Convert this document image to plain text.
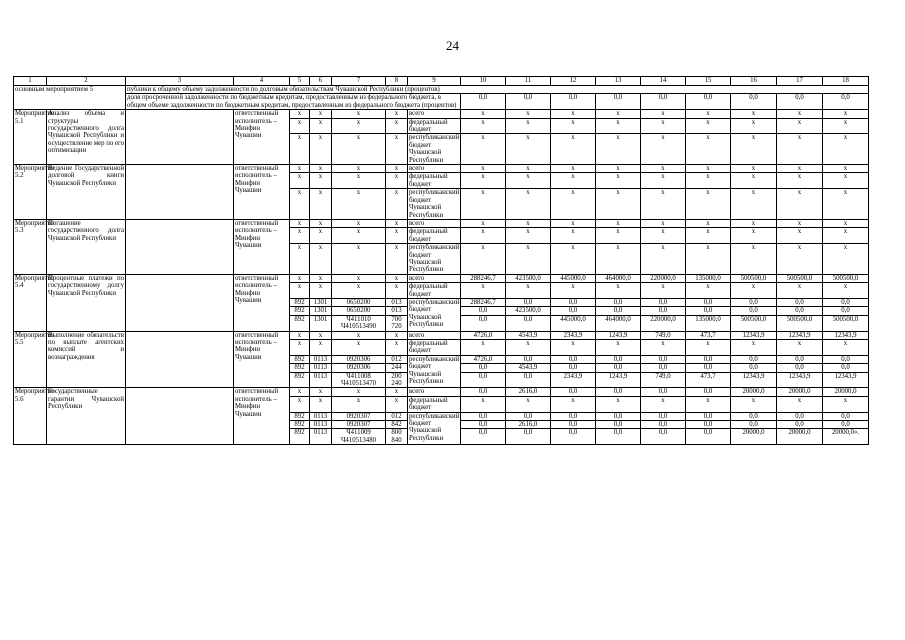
24
1	2	3	4	5	6	7	8	9	10	11	12	13	14	15	16	17	18
основным мероприятием 5		публики к общему объему задолженности по долговым обязательствам Чувашской Республики (процентов)															
		доля просроченной задолженности по бюджетным кредитам, предоставленным из федерального бюджета, в общем объеме задолженности по бюджетным кредитам, предоставленным из федерального бюджета (процентов)							0,0	0,0	0,0	0,0	0,0	0,0	0,0	0,0	0,0
Мероприятие 5.1	Анализ объема и структуры государственного долга Чувашской Республики и осуществление мер по его оптимизации		ответственный исполнитель – Минфин Чувашии	x	x	x	x	всего	x	x	x	x	x	x	x	x	x
				x	x	x	x	федеральный бюджет	x	x	x	x	x	x	x	x	x
				x	x	x	x	республиканский бюджет Чувашской Республики	x	x	x	x	x	x	x	x	x
Мероприятие 5.2	Ведение Государственной долговой книги Чувашской Республики		ответственный исполнитель – Минфин Чувашии	x	x	x	x	всего	x	x	x	x	x	x	x	x	x
				x	x	x	x	федеральный бюджет	x	x	x	x	x	x	x	x	x
				x	x	x	x	республиканский бюджет Чувашской Республики	x	x	x	x	x	x	x	x	x
Мероприятие 5.3	Погашение государственного долга Чувашской Республики		ответственный исполнитель – Минфин Чувашии	x	x	x	x	всего	x	x	x	x	x	x	x	x	x
				x	x	x	x	федеральный бюджет	x	x	x	x	x	x	x	x	x
				x	x	x	x	республиканский бюджет Чувашской Республики	x	x	x	x	x	x	x	x	x
Мероприятие 5.4	Процентные платежи по государственному долгу Чувашской Республики		ответственный исполнитель – Минфин Чувашии	x	x	x	x	всего	288246,7	423500,0	445000,0	464000,0	220000,0	135000,0	500500,0	500500,0	500500,0
				x	x	x	x	федеральный бюджет	x	x	x	x	x	x	x	x	x
				892	1301	0650200	013	республиканский бюджет Чувашской Республики	288246,7	0,0	0,0	0,0	0,0	0,0	0,0	0,0	0,0
				892	1301	0650200	013		0,0	423500,0	0,0	0,0	0,0	0,0	0,0	0,0	0,0
				892	1301	Ч411010 Ч410513490	700 720		0,0	0,0	445000,0	464000,0	220000,0	135000,0	500500,0	500500,0	500500,0
Мероприятие 5.5	Выполнение обязательств по выплате агентских комиссий и вознаграждения		ответственный исполнитель – Минфин Чувашии	x	x	x	x	всего	4726,0	4543,9	2343,9	1243,9	749,0	473,7	12343,9	12343,9	12343,9
				x	x	x	x	федеральный бюджет	x	x	x	x	x	x	x	x	x
				892	0113	0920306	012	республиканский бюджет Чувашской Республики	4726,0	0,0	0,0	0,0	0,0	0,0	0,0	0,0	0,0
				892	0113	0920306	244		0,0	4543,9	0,0	0,0	0,0	0,0	0,0	0,0	0,0
				892	0113	Ч411008 Ч410513470	200 240		0,0	0,0	2343,9	1243,9	749,0	473,7	12343,9	12343,9	12343,9
Мероприятие 5.6	Государственные гарантии Чувашской Республики		ответственный исполнитель – Минфин Чувашии	x	x	x	x	всего	0,0	2616,0	0,0	0,0	0,0	0,0	20000,0	20000,0	20000,0
				x	x	x	x	федеральный бюджет	x	x	x	x	x	x	x	x	x
				892	0113	0920307	012	республиканский бюджет Чувашской Республики	0,0	0,0	0,0	0,0	0,0	0,0	0,0	0,0	0,0
				892	0113	0920307	842		0,0	2616,0	0,0	0,0	0,0	0,0	0,0	0,0	0,0
				892	0113	Ч411009 Ч410513480	800 840		0,0	0,0	0,0	0,0	0,0	0,0	20000,0	20000,0	20000,0».
